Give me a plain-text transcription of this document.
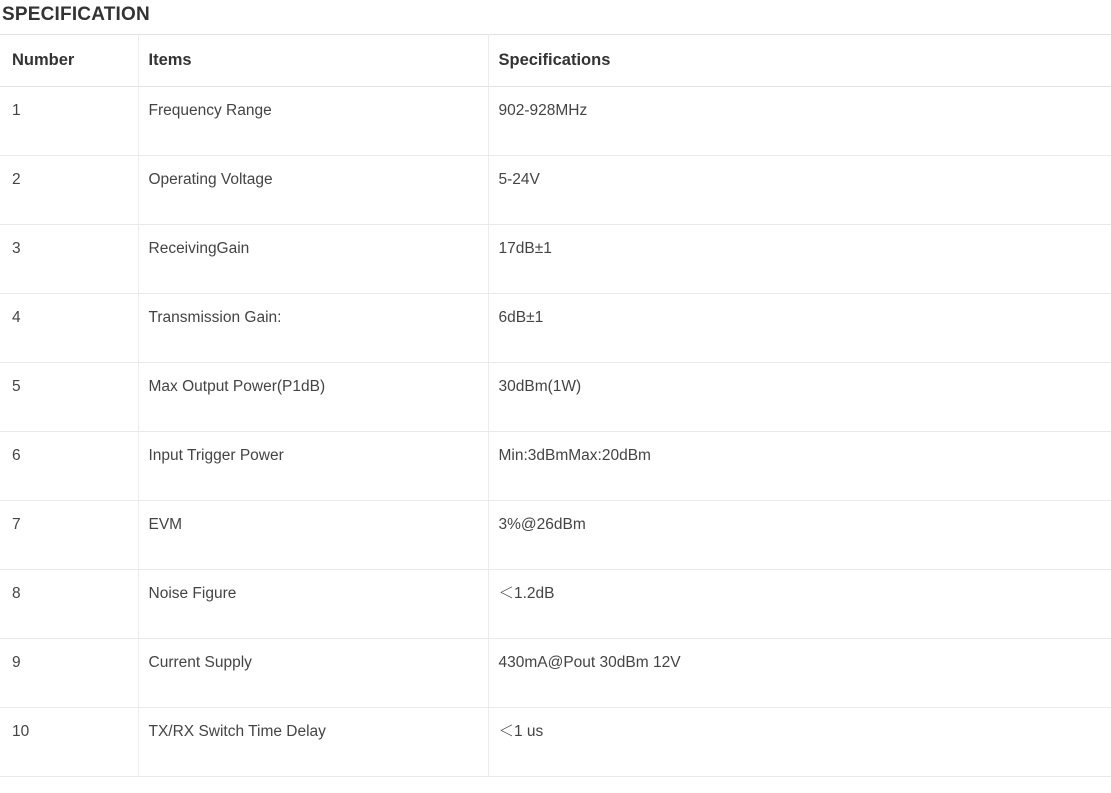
SPECIFICATION
Number	Items	Specifications
1	Frequency Range	902-928MHz
2	Operating Voltage	5-24V
3	ReceivingGain	17dB±1
4	Transmission Gain:	6dB±1
5	Max Output Power(P1dB)	30dBm(1W)
6	Input Trigger Power	Min:3dBmMax:20dBm
7	EVM	3%@26dBm
8	Noise Figure	＜1.2dB
9	Current Supply	430mA@Pout 30dBm 12V
10	TX/RX Switch Time Delay	＜1 us
